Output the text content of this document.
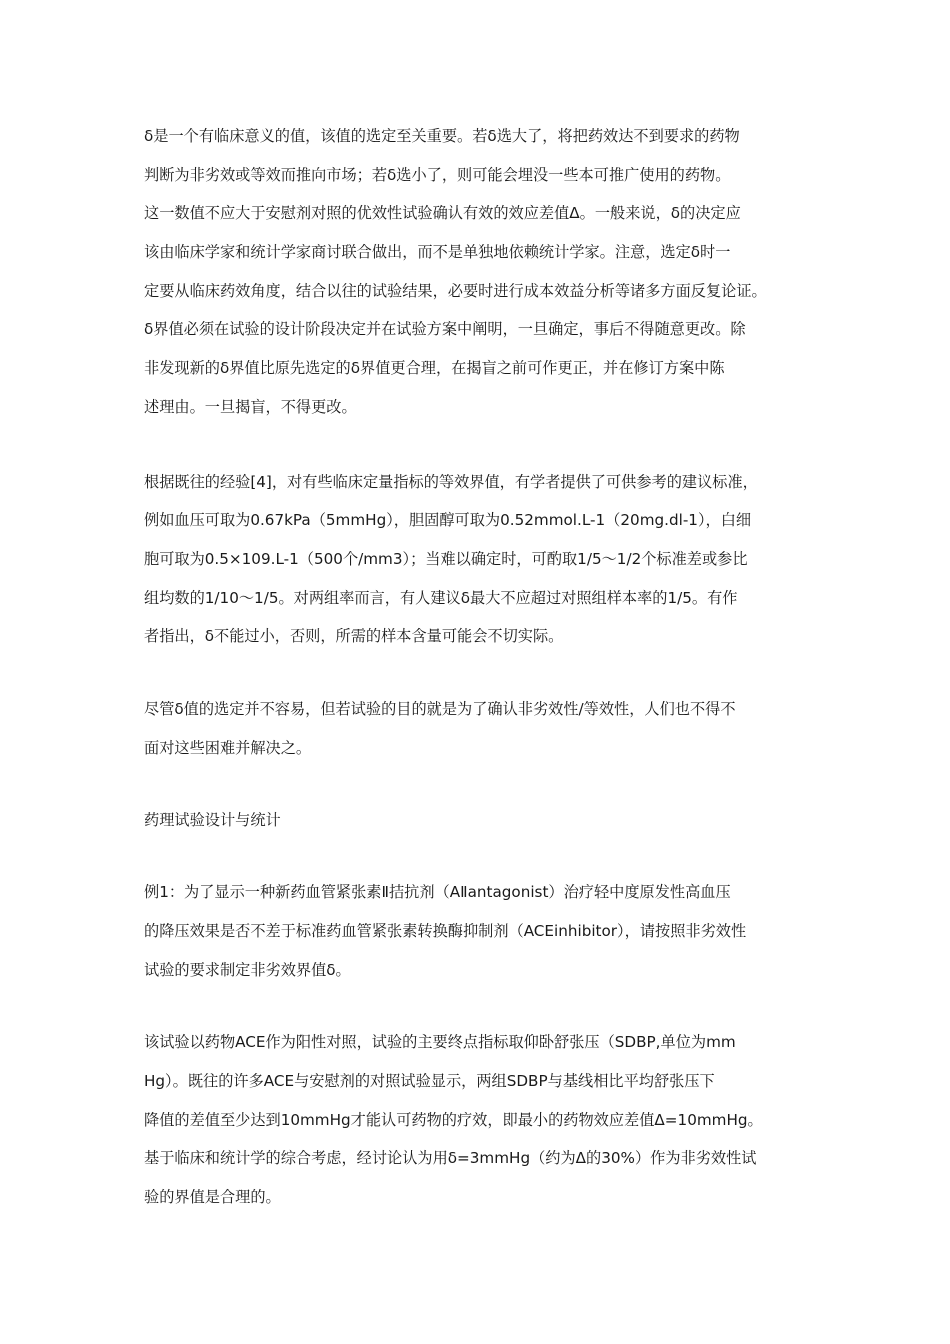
δ是一个有临床意义的值，该值的选定至关重要。若δ选大了，将把药效达不到要求的药物
判断为非劣效或等效而推向市场；若δ选小了，则可能会埋没一些本可推广使用的药物。
这一数值不应大于安慰剂对照的优效性试验确认有效的效应差值Δ。一般来说，δ的决定应
该由临床学家和统计学家商讨联合做出，而不是单独地依赖统计学家。注意，选定δ时一
定要从临床药效角度，结合以往的试验结果，必要时进行成本效益分析等诸多方面反复论证。
δ界值必须在试验的设计阶段决定并在试验方案中阐明，一旦确定，事后不得随意更改。除
非发现新的δ界值比原先选定的δ界值更合理，在揭盲之前可作更正，并在修订方案中陈
述理由。一旦揭盲，不得更改。
根据既往的经验[4]，对有些临床定量指标的等效界值，有学者提供了可供参考的建议标准，
例如血压可取为0.67kPa（5mmHg），胆固醇可取为0.52mmol.L-1（20mg.dl-1），白细
胞可取为0.5×109.L-1（500个/mm3）；当难以确定时，可酌取1/5～1/2个标准差或参比
组均数的1/10～1/5。对两组率而言，有人建议δ最大不应超过对照组样本率的1/5。有作
者指出，δ不能过小，否则，所需的样本含量可能会不切实际。
尽管δ值的选定并不容易，但若试验的目的就是为了确认非劣效性/等效性，人们也不得不
面对这些困难并解决之。
药理试验设计与统计
例1：为了显示一种新药血管紧张素Ⅱ拮抗剂（AⅡantagonist）治疗轻中度原发性高血压
的降压效果是否不差于标准药血管紧张素转换酶抑制剂（ACEinhibitor），请按照非劣效性
试验的要求制定非劣效界值δ。
该试验以药物ACE作为阳性对照，试验的主要终点指标取仰卧舒张压（SDBP,单位为mm
Hg）。既往的许多ACE与安慰剂的对照试验显示，两组SDBP与基线相比平均舒张压下
降值的差值至少达到10mmHg才能认可药物的疗效，即最小的药物效应差值Δ=10mmHg。
基于临床和统计学的综合考虑，经讨论认为用δ=3mmHg（约为Δ的30%）作为非劣效性试
验的界值是合理的。
